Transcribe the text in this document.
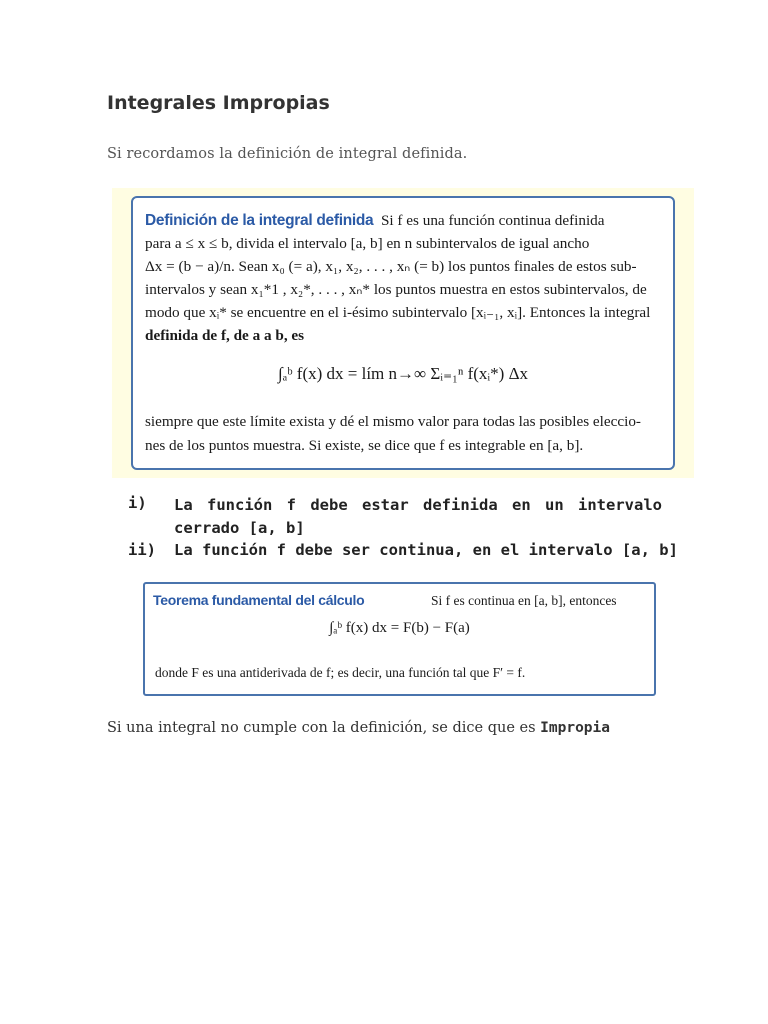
Integrales Impropias
Si recordamos la definición de integral definida.
Definición de la integral definida Si f es una función continua definida
para a ≤ x ≤ b, divida el intervalo [a, b] en n subintervalos de igual ancho
Δx = (b − a)/n. Sean x₀ (= a), x₁, x₂, . . . , xₙ (= b) los puntos finales de estos sub-
intervalos y sean x₁*1 , x₂*, . . . , xₙ* los puntos muestra en estos subintervalos, de
modo que xᵢ* se encuentre en el i-ésimo subintervalo [xᵢ₋₁, xᵢ]. Entonces la integral
definida de f, de a a b, es
∫ₐᵇ f(x) dx = lím n→∞ Σᵢ₌₁ⁿ f(xᵢ*) Δx
siempre que este límite exista y dé el mismo valor para todas las posibles eleccio-
nes de los puntos muestra. Si existe, se dice que f es integrable en [a, b].
i) La función f debe estar definida en un intervalo cerrado [a, b]
ii) La función f debe ser continua, en el intervalo [a, b]
Teorema fundamental del cálculo	Si f es continua en [a, b], entonces
∫ₐᵇ f(x) dx = F(b) − F(a)
donde F es una antiderivada de f; es decir, una función tal que F′ = f.
Si una integral no cumple con la definición, se dice que es Impropia
